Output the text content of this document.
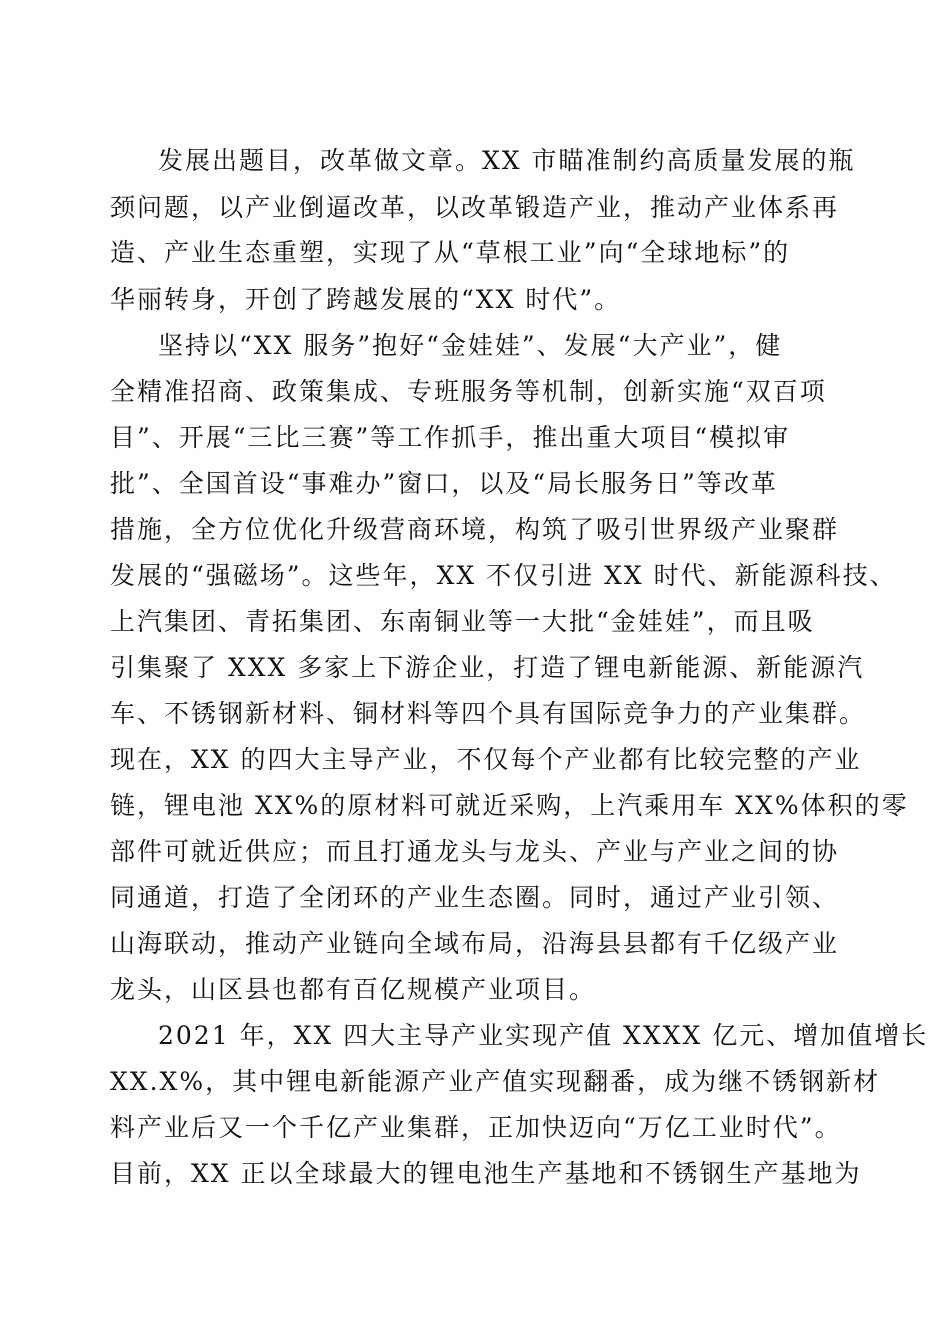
发展出题目，改革做文章。XX 市瞄准制约高质量发展的瓶
颈问题，以产业倒逼改革，以改革锻造产业，推动产业体系再
造、产业生态重塑，实现了从“草根工业”向“全球地标”的
华丽转身，开创了跨越发展的“XX 时代”。
坚持以“XX 服务”抱好“金娃娃”、发展“大产业”，健
全精准招商、政策集成、专班服务等机制，创新实施“双百项
目”、开展“三比三赛”等工作抓手，推出重大项目“模拟审
批”、全国首设“事难办”窗口，以及“局长服务日”等改革
措施，全方位优化升级营商环境，构筑了吸引世界级产业聚群
发展的“强磁场”。这些年，XX 不仅引进 XX 时代、新能源科技、
上汽集团、青拓集团、东南铜业等一大批“金娃娃”，而且吸
引集聚了 XXX 多家上下游企业，打造了锂电新能源、新能源汽
车、不锈钢新材料、铜材料等四个具有国际竞争力的产业集群。
现在，XX 的四大主导产业，不仅每个产业都有比较完整的产业
链，锂电池 XX%的原材料可就近采购，上汽乘用车 XX%体积的零
部件可就近供应；而且打通龙头与龙头、产业与产业之间的协
同通道，打造了全闭环的产业生态圈。同时，通过产业引领、
山海联动，推动产业链向全域布局，沿海县县都有千亿级产业
龙头，山区县也都有百亿规模产业项目。
2021 年，XX 四大主导产业实现产值 XXXX 亿元、增加值增长
XX.X%，其中锂电新能源产业产值实现翻番，成为继不锈钢新材
料产业后又一个千亿产业集群，正加快迈向“万亿工业时代”。
目前，XX 正以全球最大的锂电池生产基地和不锈钢生产基地为
